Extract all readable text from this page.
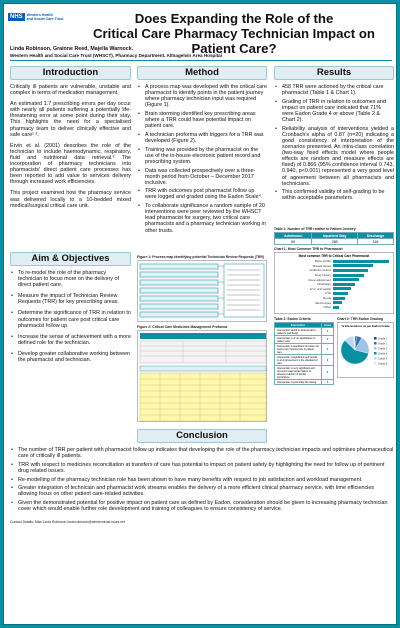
NHS	Western Health
and Social Care Trust	Does Expanding the Role of the
Critical Care Pharmacy Technician Impact on Patient Care?
Linda Robinson, Grainne Reed, Majella Warnock.
Western Health and Social Care Trust (WHSCT), Pharmacy Department, Altnagelvin Area Hospital
Introduction

Critically ill patients are vulnerable, unstable and complex in terms of medication management.

An estimated 1.7 prescribing errors per day occur with nearly all patients suffering a potentially life-threatening error at some point during their stay. This highlights the need for a specialised pharmacy team to deliver clinically effective and safe care¹ ².

Ervin et al. (2001) describes the role of the technician to include haemodynamic, respiratory, fluid and nutritional data retrieval.³ The incorporation of pharmacy technicians into pharmacists' direct patient care processes has been reported to add value to services delivery through increased work efficiencies.

This project examined how the pharmacy service was delivered locally to a 10-bedded mixed medical/surgical critical care unit.

Aim & Objectives
• To re-model the role of the pharmacy technician to focus more on the delivery of direct patient care.
• Measure the impact of Technician Review Requests (TRR) for key prescribing areas.
• Determine the significance of TRR in relation to outcomes for patient care post critical care pharmacist follow up.
• Increase the sense of achievement with a more defined role for the technician.
• Develop greater collaborative working between the pharmacist and technician.
Method
• A process map was developed with the critical care pharmacist to identify points in the patient journey where pharmacy technician input was required (Figure 1).
• Brain storming identified key prescribing areas where a TRR could have potential impact on patient care.
• A technician proforma with triggers for a TRR was developed (Figure 2).
• Training was provided by the pharmacist on the use of the in-house electronic patient record and prescribing system.
• Data was collected prospectively over a three-month period from October – December 2017 inclusive.
• TRR with outcomes post pharmacist follow up were logged and graded using the Eadon Scale⁴.
• To collaborate significance a random sample of 20 interventions were peer reviewed by the WHSCT lead pharmacist for surgery, two critical care pharmacists and a pharmacy technician working in other trusts.
Figure 1: Process map identifying potential Technician Review Requests (TRR)
Figure 2: Critical Care Medicines Management Proforma
Results
• 458 TRR were actioned by the critical care pharmacist (Table 1 & Chart 1).
• Grading of TRR in relation to outcomes and impact on patient care indicated that 71% were Eadon Grade 4 or above (Table 2 & Chart 2).
• Reliability analysis of interventions yielded a Cronbach's alpha of 0.87 (n=20) indicating a good consistency of interpretation of the scenarios presented. An intra-class correlation (two-way fixed effects model where people effects are random and measure effects are fixed) of 0.866 (95% confidence interval 0.743, 0.940, p<0.001) represented a very good level of agreement between all pharmacists and technicians.
• This confirmed validity of self-grading to be within acceptable parameters.
Table 1: Number of TRR relative to Patient Journey
Admission	Inpatient Stay	Discharge
60	280	118
Chart 1: Most Common TRR to Pharmacist
Most common TRR to Critical Care Pharmacist
Bone profile
Missed doses
Antibiotic review
Drug history
Dose adjustment
Discharge
IV to oral switch
VTE
Renal
Electrolytes
Other
Table 2: Eadon Criteria
Intervention	Score
Intervention which is detrimental to patient's well being	1
Intervention is of no significance to patient care	2
Intervention is significant but does not lead to an improvement in patient care	3
Intervention is significant and results in an improvement in the standard of care	4
Intervention is very significant and prevents major organ failure or adverse reaction of similar importance	5
Intervention is potentially life saving	6
Chart 2: TRR Eadon Grading
% Interventions as per Eadon Grade
Grade 1
Grade 2
Grade 3
Grade 4
Grade 5
Grade 6
Conclusion
• The number of TRR per patient with pharmacist follow up indicates that developing the role of the pharmacy technician impacts and optimises pharmaceutical care of critically ill patients.
• TRR with respect to medicines reconciliation at transfers of care has potential to impact on patient safety by highlighting the need for follow up of pertinent drug related issues.
• Re-modelling of the pharmacy technician role has been shown to have many benefits with respect to job satisfaction and workload management.
• Greater integration of technician and pharmacist work streams enables the delivery of a more efficient clinical pharmacy service, with time efficiencies allowing focus on other patient care-related activities.
• Given the demonstrated potential for positive impact on patient care as defined by Eadon, consideration should be given to increasing pharmacy technician cover which would enable further role development and training of colleagues to ensure consistency of service.
Contact Details: Miss Linda Robinson linda.robinson@westerntrust.hscni.net
